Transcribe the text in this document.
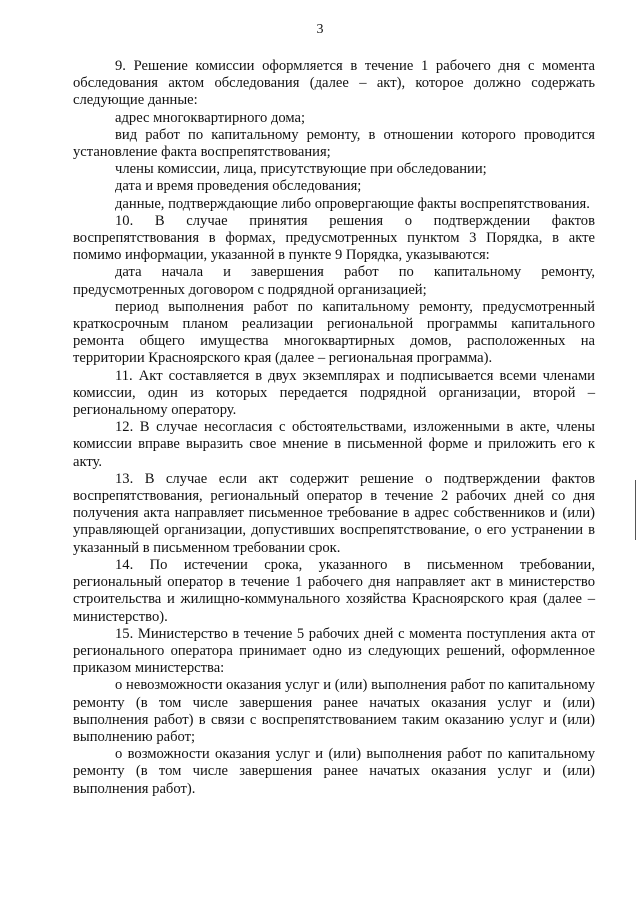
3

9. Решение комиссии оформляется в течение 1 рабочего дня с момента обследования актом обследования (далее – акт), которое должно содержать следующие данные:

адрес многоквартирного дома;

вид работ по капитальному ремонту, в отношении которого проводится установление факта воспрепятствования;

члены комиссии, лица, присутствующие при обследовании;

дата и время проведения обследования;

данные, подтверждающие либо опровергающие факты воспрепятствования.

10. В случае принятия решения о подтверждении фактов воспрепятствования в формах, предусмотренных пунктом 3 Порядка, в акте помимо информации, указанной в пункте 9 Порядка, указываются:

дата начала и завершения работ по капитальному ремонту, предусмотренных договором с подрядной организацией;

период выполнения работ по капитальному ремонту, предусмотренный краткосрочным планом реализации региональной программы капитального ремонта общего имущества многоквартирных домов, расположенных на территории Красноярского края (далее – региональная программа).

11. Акт составляется в двух экземплярах и подписывается всеми членами комиссии, один из которых передается подрядной организации, второй – региональному оператору.

12. В случае несогласия с обстоятельствами, изложенными в акте, члены комиссии вправе выразить свое мнение в письменной форме и приложить его к акту.

13. В случае если акт содержит решение о подтверждении фактов воспрепятствования, региональный оператор в течение 2 рабочих дней со дня получения акта направляет письменное требование в адрес собственников и (или) управляющей организации, допустивших воспрепятствование, о его устранении в указанный в письменном требовании срок.

14. По истечении срока, указанного в письменном требовании, региональный оператор в течение 1 рабочего дня направляет акт в министерство строительства и жилищно-коммунального хозяйства Красноярского края (далее – министерство).

15. Министерство в течение 5 рабочих дней с момента поступления акта от регионального оператора принимает одно из следующих решений, оформленное приказом министерства:

о невозможности оказания услуг и (или) выполнения работ по капитальному ремонту (в том числе завершения ранее начатых оказания услуг и (или) выполнения работ) в связи с воспрепятствованием таким оказанию услуг и (или) выполнению работ;

о возможности оказания услуг и (или) выполнения работ по капитальному ремонту (в том числе завершения ранее начатых оказания услуг и (или) выполнения работ).
